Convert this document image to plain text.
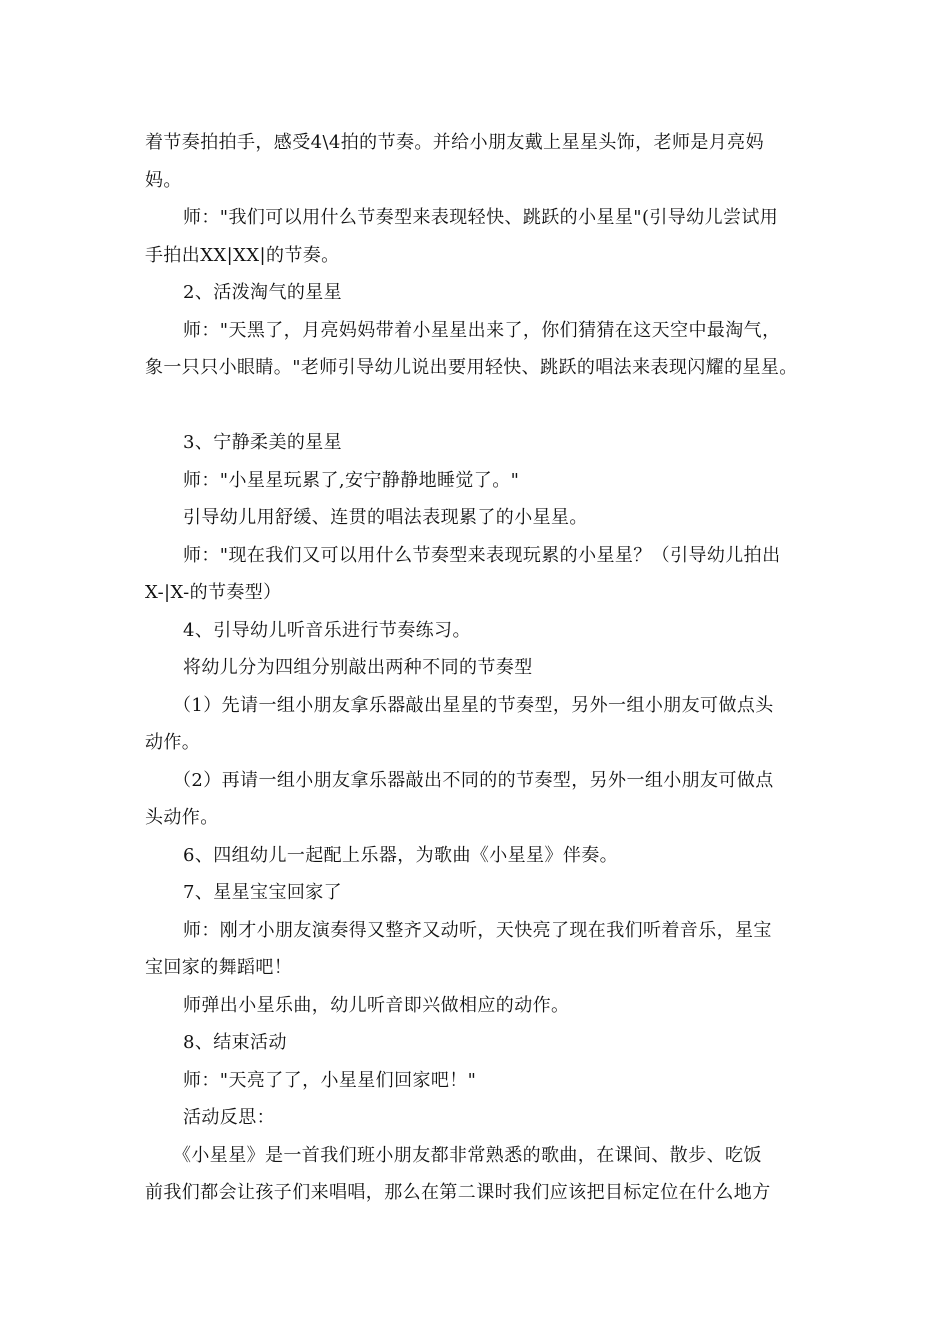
着节奏拍拍手，感受4\4拍的节奏。并给小朋友戴上星星头饰，老师是月亮妈
妈。
师："我们可以用什么节奏型来表现轻快、跳跃的小星星"(引导幼儿尝试用
手拍出XX|XX|的节奏。
2、活泼淘气的星星
师："天黑了，月亮妈妈带着小星星出来了，你们猜猜在这天空中最淘气，
象一只只小眼睛。"老师引导幼儿说出要用轻快、跳跃的唱法来表现闪耀的星星。
3、宁静柔美的星星
师："小星星玩累了,安宁静静地睡觉了。"
引导幼儿用舒缓、连贯的唱法表现累了的小星星。
师："现在我们又可以用什么节奏型来表现玩累的小星星？（引导幼儿拍出
X-|X-的节奏型）
4、引导幼儿听音乐进行节奏练习。
将幼儿分为四组分别敲出两种不同的节奏型
（1）先请一组小朋友拿乐器敲出星星的节奏型，另外一组小朋友可做点头
动作。
（2）再请一组小朋友拿乐器敲出不同的的节奏型，另外一组小朋友可做点
头动作。
6、四组幼儿一起配上乐器，为歌曲《小星星》伴奏。
7、星星宝宝回家了
师：刚才小朋友演奏得又整齐又动听，天快亮了现在我们听着音乐，星宝
宝回家的舞蹈吧！
师弹出小星乐曲，幼儿听音即兴做相应的动作。
8、结束活动
师："天亮了了，小星星们回家吧！"
活动反思：
《小星星》是一首我们班小朋友都非常熟悉的歌曲，在课间、散步、吃饭
前我们都会让孩子们来唱唱，那么在第二课时我们应该把目标定位在什么地方
